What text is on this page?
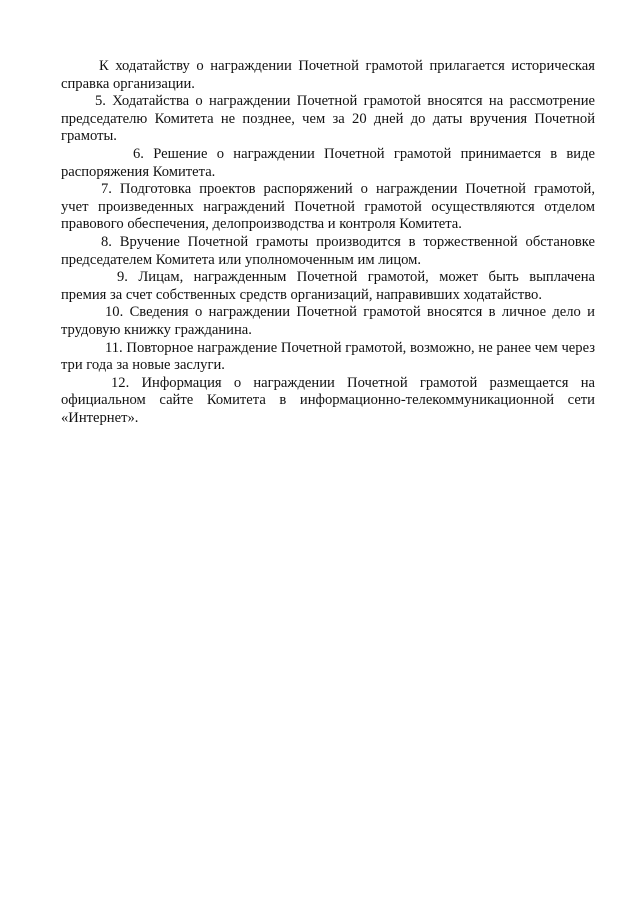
К ходатайству о награждении Почетной грамотой прилагается историческая справка организации.

5. Ходатайства о награждении Почетной грамотой вносятся на рассмотрение председателю Комитета не позднее, чем за 20 дней до даты вручения Почетной грамоты.

6. Решение о награждении Почетной грамотой принимается в виде распоряжения Комитета.

7. Подготовка проектов распоряжений о награждении Почетной грамотой, учет произведенных награждений Почетной грамотой осуществляются отделом правового обеспечения, делопроизводства и контроля Комитета.

8. Вручение Почетной грамоты производится в торжественной обстановке председателем Комитета или уполномоченным им лицом.

9. Лицам, награжденным Почетной грамотой, может быть выплачена премия за счет собственных средств организаций, направивших ходатайство.

10. Сведения о награждении Почетной грамотой вносятся в личное дело и трудовую книжку гражданина.

11. Повторное награждение Почетной грамотой, возможно, не ранее чем через три года за новые заслуги.

12. Информация о награждении Почетной грамотой размещается на официальном сайте Комитета в информационно-телекоммуникационной сети «Интернет».
